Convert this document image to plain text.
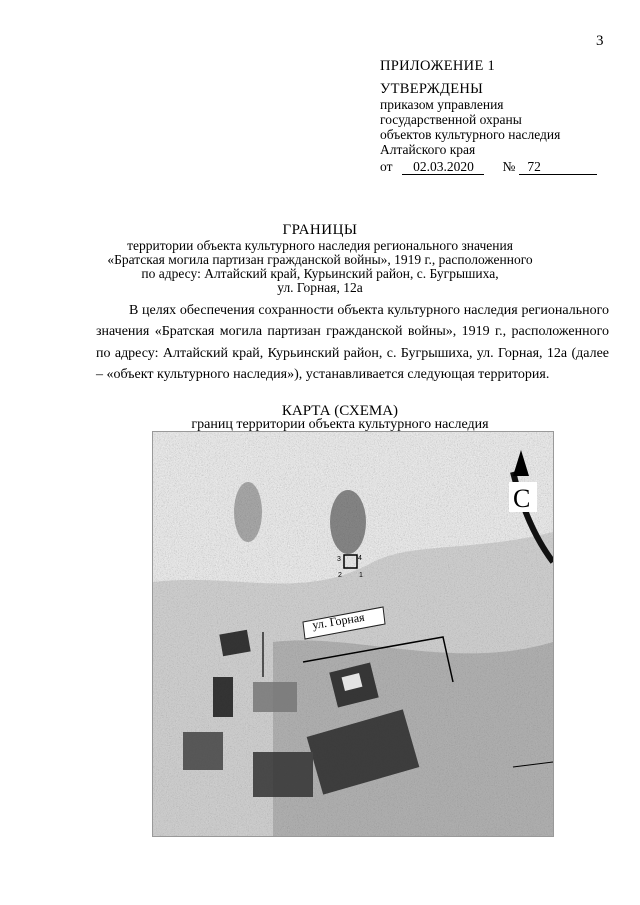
3
ПРИЛОЖЕНИЕ 1
УТВЕРЖДЕНЫ
приказом управления
государственной охраны
объектов культурного наследия
Алтайского края
от	02.03.2020	№ 72
ГРАНИЦЫ
территории объекта культурного наследия регионального значения
«Братская могила партизан гражданской войны», 1919 г., расположенного
по адресу: Алтайский край, Курьинский район, с. Бугрышиха,
ул. Горная, 12а
В целях обеспечения сохранности объекта культурного наследия регионального значения «Братская могила партизан гражданской войны», 1919 г., расположенного по адресу: Алтайский край, Курьинский район, с. Бугрышиха, ул. Горная, 12а (далее – «объект культурного наследия»), устанавливается следующая территория.
КАРТА (СХЕМА)
границ территории объекта культурного наследия
ул. Горная
4
3
2 1
С
